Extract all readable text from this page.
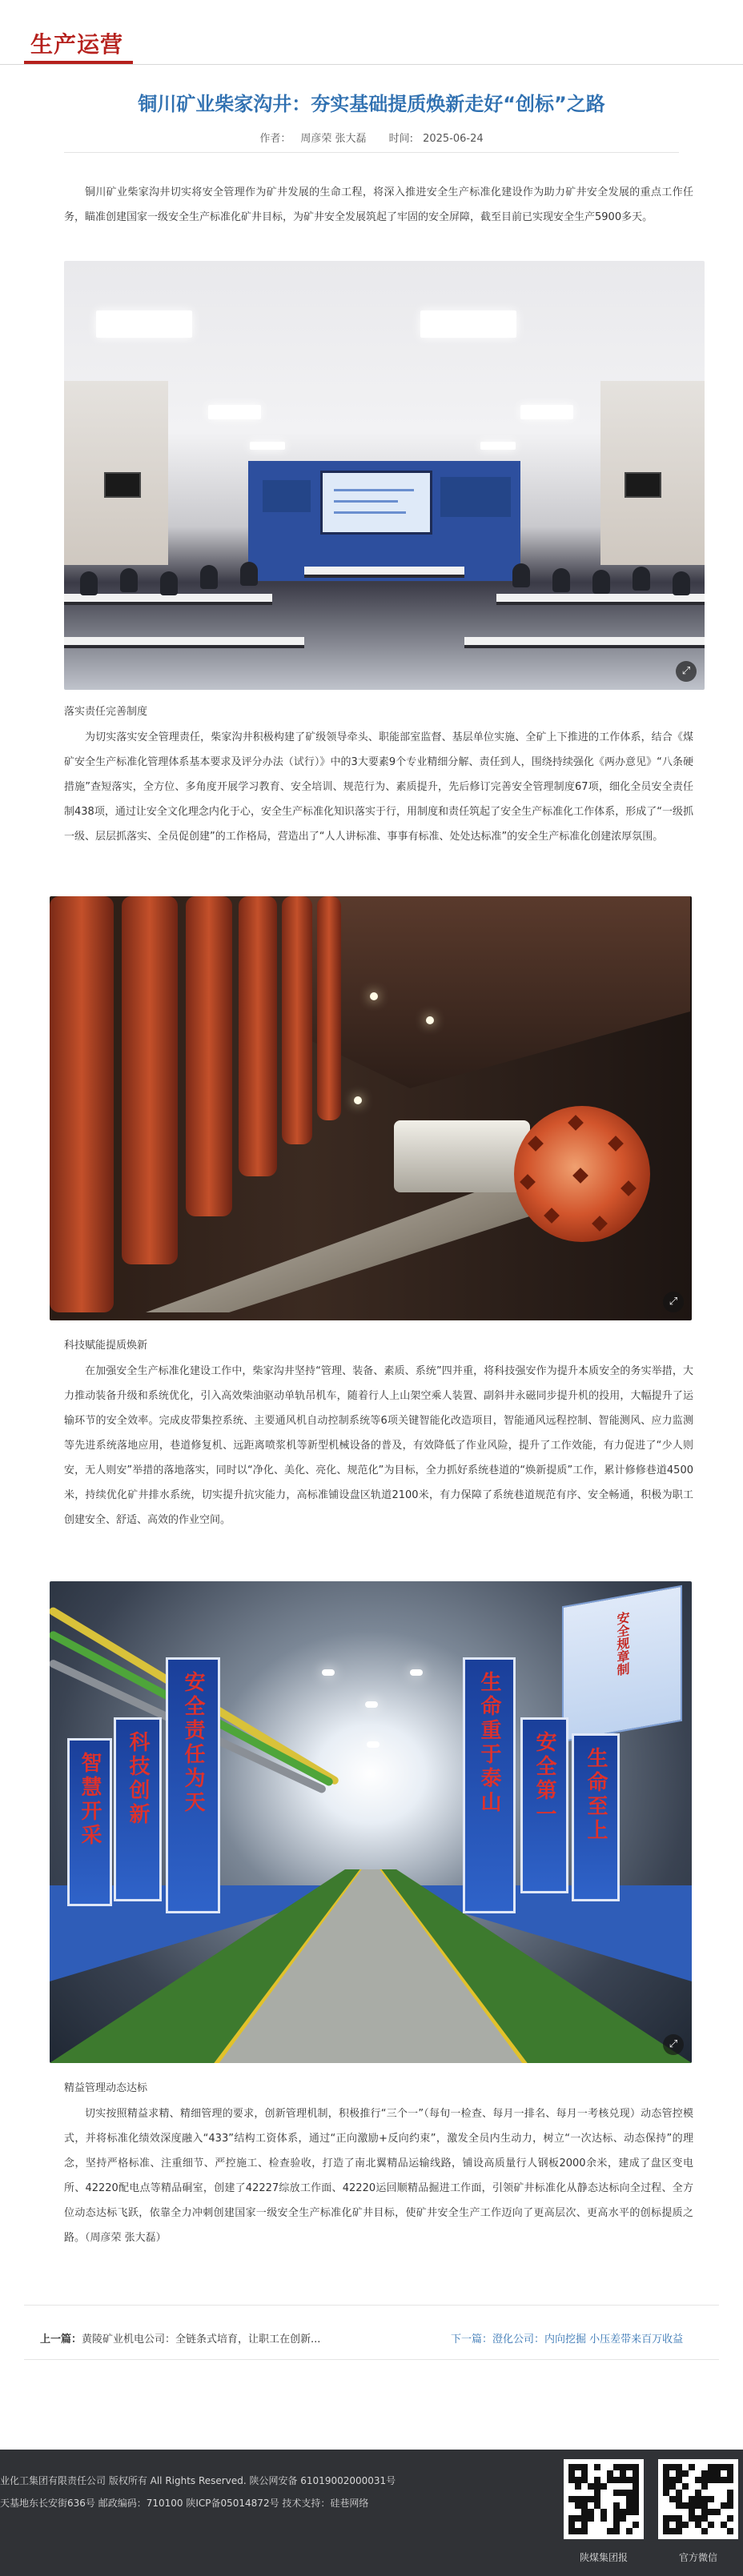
生产运营
铜川矿业柴家沟井：夯实基础提质焕新走好“创标”之路
作者： 周彦荣 张大磊 时间: 2025-06-24

铜川矿业柴家沟井切实将安全管理作为矿井发展的生命工程，将深入推进安全生产标准化建设作为助力矿井安全发展的重点工作任务，瞄准创建国家一级安全生产标准化矿井目标，为矿井安全发展筑起了牢固的安全屏障，截至目前已实现安全生产5900多天。

⤢
落实责任完善制度

为切实落实安全管理责任，柴家沟井积极构建了矿级领导牵头、职能部室监督、基层单位实施、全矿上下推进的工作体系，结合《煤矿安全生产标准化管理体系基本要求及评分办法（试行）》中的3大要素9个专业精细分解、责任到人，围绕持续强化《两办意见》“八条硬措施”查短落实，全方位、多角度开展学习教育、安全培训、规范行为、素质提升，先后修订完善安全管理制度67项，细化全员安全责任制438项，通过让安全文化理念内化于心，安全生产标准化知识落实于行，用制度和责任筑起了安全生产标准化工作体系，形成了“一级抓一级、层层抓落实、全员促创建”的工作格局，营造出了“人人讲标准、事事有标准、处处达标准”的安全生产标准化创建浓厚氛围。

⤢
科技赋能提质焕新

在加强安全生产标准化建设工作中，柴家沟井坚持“管理、装备、素质、系统”四并重，将科技强安作为提升本质安全的务实举措，大力推动装备升级和系统优化，引入高效柴油驱动单轨吊机车，随着行人上山架空乘人装置、副斜井永磁同步提升机的投用，大幅提升了运输环节的安全效率。完成皮带集控系统、主要通风机自动控制系统等6项关键智能化改造项目，智能通风远程控制、智能测风、应力监测等先进系统落地应用，巷道修复机、远距离喷浆机等新型机械设备的普及，有效降低了作业风险，提升了工作效能，有力促进了“少人则安，无人则安”举措的落地落实，同时以“净化、美化、亮化、规范化”为目标，全力抓好系统巷道的“焕新提质”工作，累计修修巷道4500米，持续优化矿井排水系统，切实提升抗灾能力，高标准铺设盘区轨道2100米，有力保障了系统巷道规范有序、安全畅通，积极为职工创建安全、舒适、高效的作业空间。

安全规章制
安全责任为天
科技创新
智慧开采	生命重于泰山 安全第一 生命至上
⤢
精益管理动态达标

切实按照精益求精、精细管理的要求，创新管理机制，积极推行“三个一”（每旬一检查、每月一排名、每月一考核兑现）动态管控模式，并将标准化绩效深度融入“433”结构工资体系，通过“正向激励+反向约束”，激发全员内生动力，树立“一次达标、动态保持”的理念，坚持严格标准、注重细节、严控施工、检查验收，打造了南北翼精品运输线路，铺设高质量行人钢板2000余米，建成了盘区变电所、42220配电点等精品硐室，创建了42227综放工作面、42220运回顺精品掘进工作面，引领矿井标准化从静态达标向全过程、全方位动态达标飞跃，依靠全力冲刺创建国家一级安全生产标准化矿井目标，使矿井安全生产工作迈向了更高层次、更高水平的创标提质之路。（周彦荣 张大磊）

上一篇：黄陵矿业机电公司：全链条式培育，让职工在创新...	下一篇：澄化公司：内向挖掘 小压差带来百万收益
业化工集团有限责任公司 版权所有 All Rights Reserved. 陕公网安备 61019002000031号
天基地东长安街636号 邮政编码：710100 陕ICP备05014872号 技术支持：硅巷网络
陕煤集团报	官方微信
